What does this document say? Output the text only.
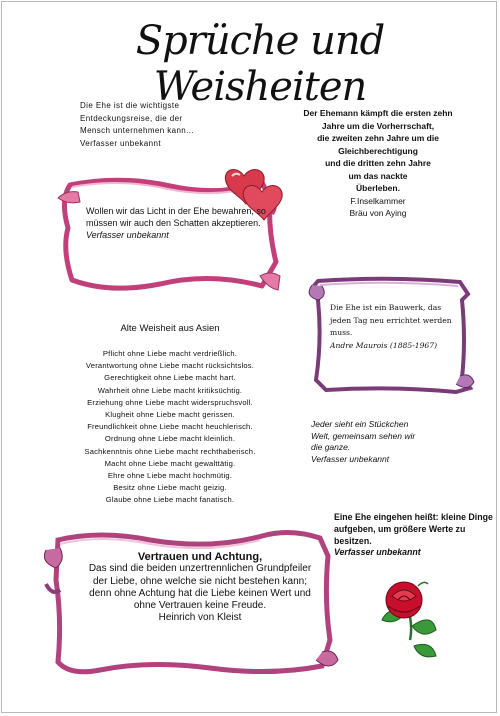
Sprüche und Weisheiten
Die Ehe ist die wichtigste
Entdeckungsreise, die der
Mensch unternehmen kann...
Verfasser unbekannt
Der Ehemann kämpft die ersten zehn
Jahre um die Vorherrschaft,
die zweiten zehn Jahre um die
Gleichberechtigung
und die dritten zehn Jahre
um das nackte
Überleben.
F.Inselkammer
Bräu von Aying
Wollen wir das Licht in der Ehe bewahren, so müssen wir auch den Schatten akzeptieren.
Verfasser unbekannt
Die Ehe ist ein Bauwerk, das jeden Tag neu errichtet werden muss.
Andre Maurois (1885-1967)
Alte Weisheit aus Asien
Pflicht ohne Liebe macht verdrießlich.
Verantwortung ohne Liebe macht rücksichtslos.
Gerechtigkeit ohne Liebe macht hart.
Wahrheit ohne Liebe macht kritiksüchtig.
Erziehung ohne Liebe macht widerspruchsvoll.
Klugheit ohne Liebe macht gerissen.
Freundlichkeit ohne Liebe macht heuchlerisch.
Ordnung ohne Liebe macht kleinlich.
Sachkenntnis ohne Liebe macht rechthaberisch.
Macht ohne Liebe macht gewalttätig.
Ehre ohne Liebe macht hochmütig.
Besitz ohne Liebe macht geizig.
Glaube ohne Liebe macht fanatisch.
Jeder sieht ein Stückchen
Welt, gemeinsam sehen wir
die ganze.
Verfasser unbekannt
Eine Ehe eingehen heißt: kleine Dinge aufgeben, um größere Werte zu besitzen.
Verfasser unbekannt
Vertrauen und Achtung,
Das sind die beiden unzertrennlichen Grundpfeiler der Liebe, ohne welche sie nicht bestehen kann; denn ohne Achtung hat die Liebe keinen Wert und ohne Vertrauen keine Freude.
Heinrich von Kleist
